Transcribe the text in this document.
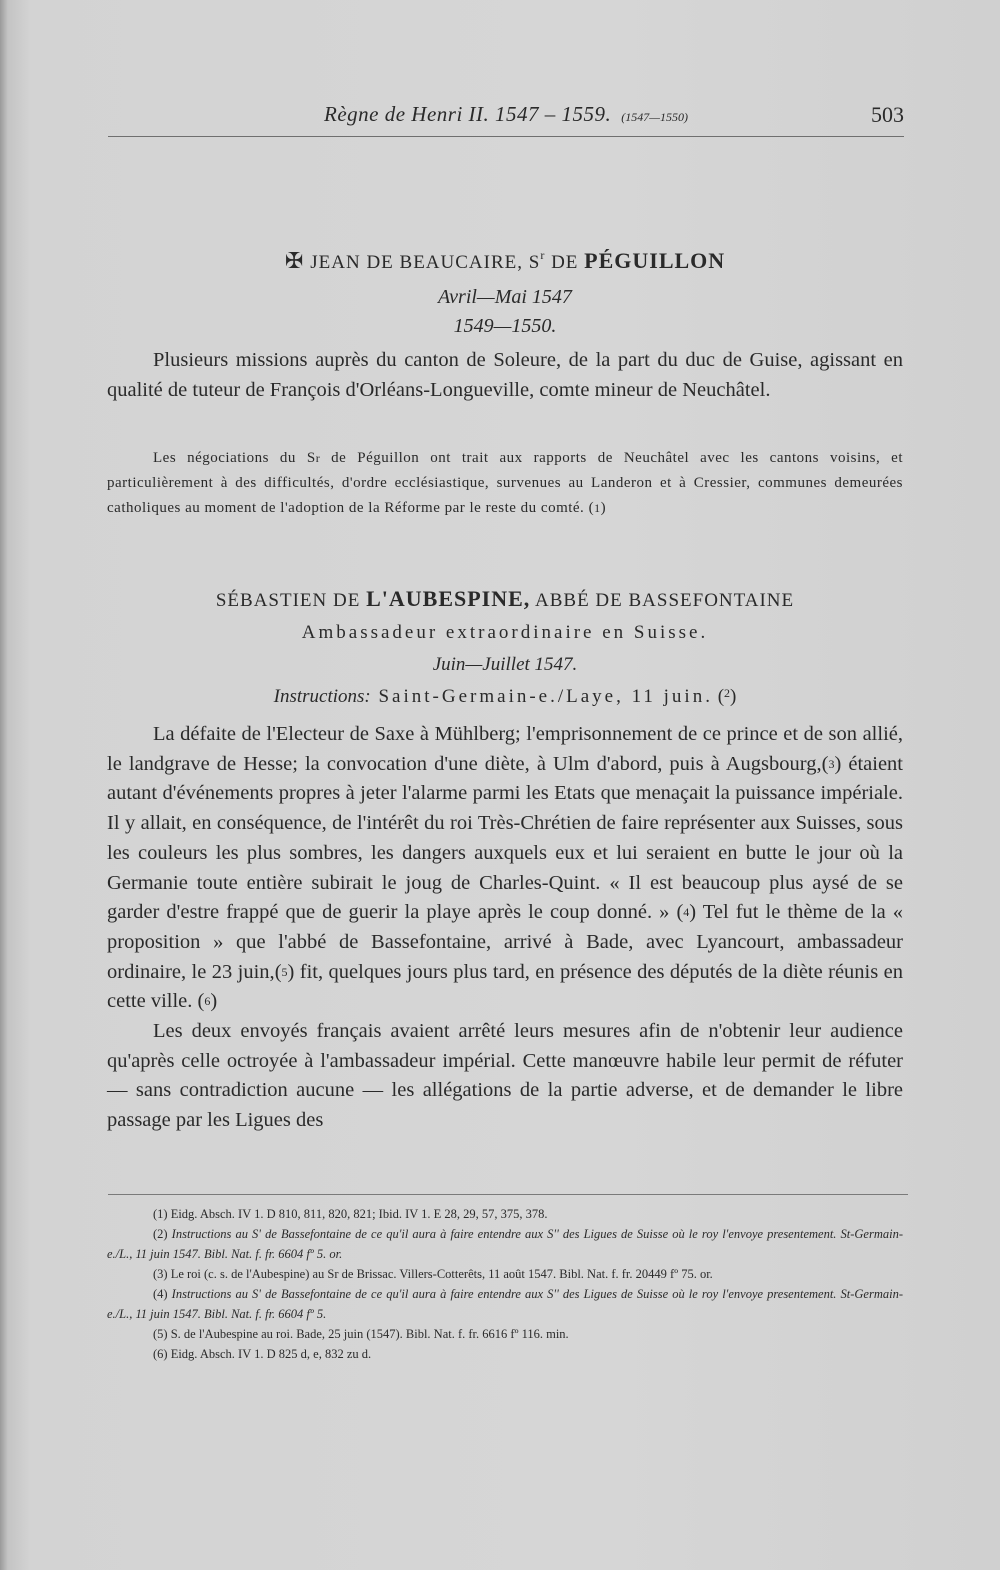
Règne de Henri II. 1547 – 1559. (1547—1550)	503
✠ JEAN DE BEAUCAIRE, $S^r$ DE PÉGUILLON
Avril—Mai 1547
1549—1550.

Plusieurs missions auprès du canton de Soleure, de la part du duc de Guise, agissant en qualité de tuteur de François d'Orléans-Longueville, comte mineur de Neuchâtel.

Les négociations du $S^r$ de Péguillon ont trait aux rapports de Neuchâtel avec les cantons voisins, et particulièrement à des difficultés, d'ordre ecclésiastique, survenues au Landeron et à Cressier, communes demeurées catholiques au moment de l'adoption de la Réforme par le reste du comté. ($^1$)

SÉBASTIEN DE L'AUBESPINE, ABBÉ DE BASSEFONTAINE
Ambassadeur extraordinaire en Suisse.
Juin—Juillet 1547.
Instructions: Saint-Germain-e./Laye, 11 juin. ($^2$)

La défaite de l'Electeur de Saxe à Mühlberg; l'emprisonnement de ce prince et de son allié, le landgrave de Hesse; la convocation d'une diète, à Ulm d'abord, puis à Augsbourg,($^3$) étaient autant d'événements propres à jeter l'alarme parmi les Etats que menaçait la puissance impériale. Il y allait, en conséquence, de l'intérêt du roi Très-Chrétien de faire représenter aux Suisses, sous les couleurs les plus sombres, les dangers auxquels eux et lui seraient en butte le jour où la Germanie toute entière subirait le joug de Charles-Quint. « Il est beaucoup plus aysé de se garder d'estre frappé que de guerir la playe après le coup donné. » ($^4$) Tel fut le thème de la « proposition » que l'abbé de Bassefontaine, arrivé à Bade, avec Lyancourt, ambassadeur ordinaire, le 23 juin,($^5$) fit, quelques jours plus tard, en présence des députés de la diète réunis en cette ville. ($^6$)

Les deux envoyés français avaient arrêté leurs mesures afin de n'obtenir leur audience qu'après celle octroyée à l'ambassadeur impérial. Cette manœuvre habile leur permit de réfuter — sans contradiction aucune — les allégations de la partie adverse, et de demander le libre passage par les Ligues des

(1) Eidg. Absch. IV 1. D 810, 811, 820, 821; Ibid. IV 1. E 28, 29, 57, 375, 378.

(2) Instructions au S' de Bassefontaine de ce qu'il aura à faire entendre aux S'' des Ligues de Suisse où le roy l'envoye presentement. St-Germain-e./L., 11 juin 1547. Bibl. Nat. f. fr. 6604 fº 5. or.

(3) Le roi (c. s. de l'Aubespine) au Sr de Brissac. Villers-Cotterêts, 11 août 1547. Bibl. Nat. f. fr. 20449 fº 75. or.

(4) Instructions au S' de Bassefontaine de ce qu'il aura à faire entendre aux S'' des Ligues de Suisse où le roy l'envoye presentement. St-Germain-e./L., 11 juin 1547. Bibl. Nat. f. fr. 6604 fº 5.

(5) S. de l'Aubespine au roi. Bade, 25 juin (1547). Bibl. Nat. f. fr. 6616 fº 116. min.

(6) Eidg. Absch. IV 1. D 825 d, e, 832 zu d.
